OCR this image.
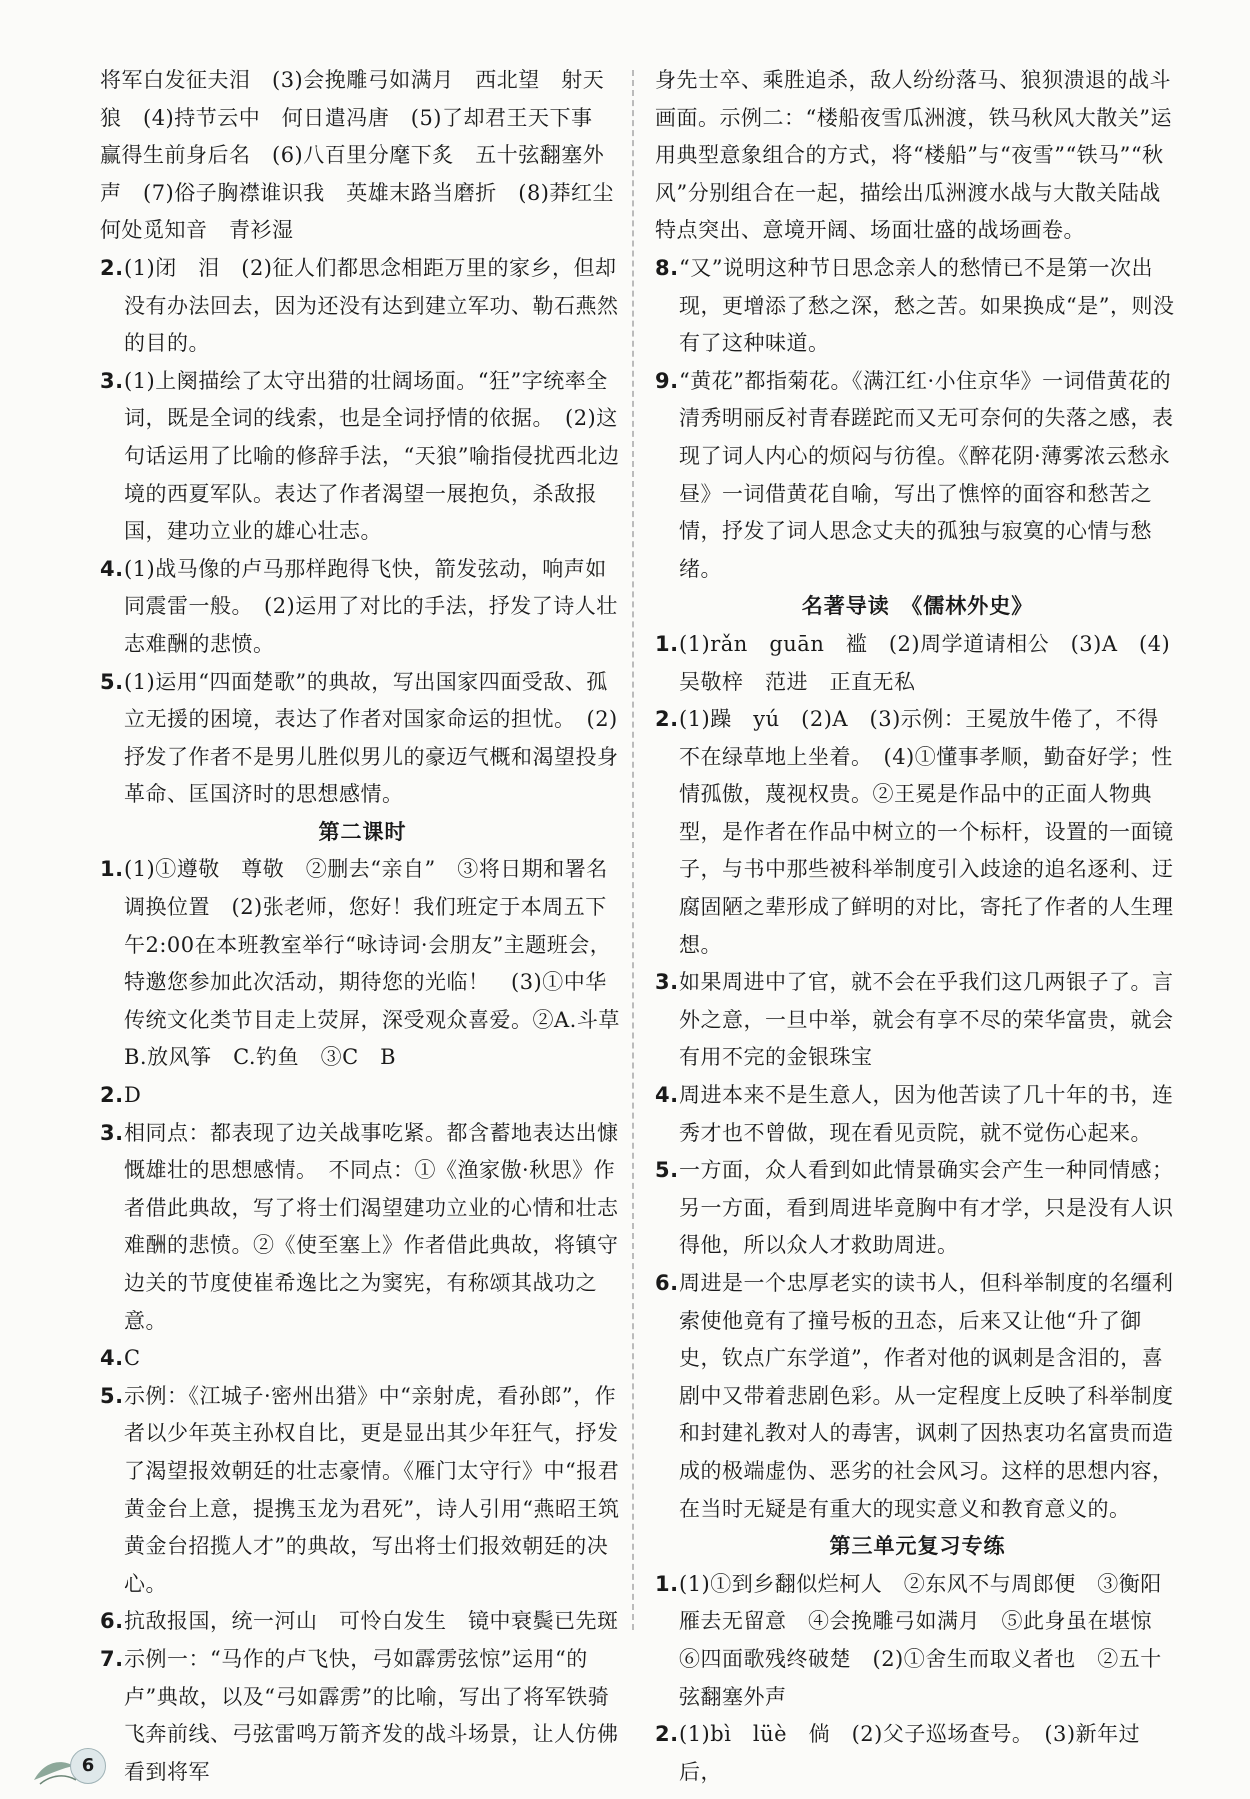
将军白发征夫泪　(3)会挽雕弓如满月　西北望　射天狼　(4)持节云中　何日遣冯唐　(5)了却君王天下事　赢得生前身后名　(6)八百里分麾下炙　五十弦翻塞外声　(7)俗子胸襟谁识我　英雄末路当磨折　(8)莽红尘何处觅知音　青衫湿

2. (1)闭　泪　(2)征人们都思念相距万里的家乡，但却没有办法回去，因为还没有达到建立军功、勒石燕然的目的。
3. (1)上阕描绘了太守出猎的壮阔场面。“狂”字统率全词，既是全词的线索，也是全词抒情的依据。　(2)这句话运用了比喻的修辞手法，“天狼”喻指侵扰西北边境的西夏军队。表达了作者渴望一展抱负，杀敌报国，建功立业的雄心壮志。
4. (1)战马像的卢马那样跑得飞快，箭发弦动，响声如同震雷一般。　(2)运用了对比的手法，抒发了诗人壮志难酬的悲愤。
5. (1)运用“四面楚歌”的典故，写出国家四面受敌、孤立无援的困境，表达了作者对国家命运的担忧。　(2)抒发了作者不是男儿胜似男儿的豪迈气概和渴望投身革命、匡国济时的思想感情。
第二课时
1. (1)①遵敬　尊敬　②删去“亲自”　③将日期和署名调换位置　(2)张老师，您好！我们班定于本周五下午2:00在本班教室举行“咏诗词·会朋友”主题班会，特邀您参加此次活动，期待您的光临！　(3)①中华传统文化类节目走上荧屏，深受观众喜爱。②A.斗草　B.放风筝　C.钓鱼　③C　B
2. D
3. 相同点：都表现了边关战事吃紧。都含蓄地表达出慷慨雄壮的思想感情。　不同点：①《渔家傲·秋思》作者借此典故，写了将士们渴望建功立业的心情和壮志难酬的悲愤。②《使至塞上》作者借此典故，将镇守边关的节度使崔希逸比之为窦宪，有称颂其战功之意。
4. C
5. 示例：《江城子·密州出猎》中“亲射虎，看孙郎”，作者以少年英主孙权自比，更是显出其少年狂气，抒发了渴望报效朝廷的壮志豪情。《雁门太守行》中“报君黄金台上意，提携玉龙为君死”，诗人引用“燕昭王筑黄金台招揽人才”的典故，写出将士们报效朝廷的决心。
6. 抗敌报国，统一河山　可怜白发生　镜中衰鬓已先斑
7. 示例一：“马作的卢飞快，弓如霹雳弦惊”运用“的卢”典故，以及“弓如霹雳”的比喻，写出了将军铁骑飞奔前线、弓弦雷鸣万箭齐发的战斗场景，让人仿佛看到将军

身先士卒、乘胜追杀，敌人纷纷落马、狼狈溃退的战斗画面。示例二：“楼船夜雪瓜洲渡，铁马秋风大散关”运用典型意象组合的方式，将“楼船”与“夜雪”“铁马”“秋风”分别组合在一起，描绘出瓜洲渡水战与大散关陆战特点突出、意境开阔、场面壮盛的战场画卷。

8. “又”说明这种节日思念亲人的愁情已不是第一次出现，更增添了愁之深，愁之苦。如果换成“是”，则没有了这种味道。
9. “黄花”都指菊花。《满江红·小住京华》一词借黄花的清秀明丽反衬青春蹉跎而又无可奈何的失落之感，表现了词人内心的烦闷与彷徨。《醉花阴·薄雾浓云愁永昼》一词借黄花自喻，写出了憔悴的面容和愁苦之情，抒发了词人思念丈夫的孤独与寂寞的心情与愁绪。
名著导读　《儒林外史》
1. (1)rǎn　guān　褴　(2)周学道请相公　(3)A　(4)吴敬梓　范进　正直无私
2. (1)躁　yú　(2)A　(3)示例：王冕放牛倦了，不得不在绿草地上坐着。　(4)①懂事孝顺，勤奋好学；性情孤傲，蔑视权贵。②王冕是作品中的正面人物典型，是作者在作品中树立的一个标杆，设置的一面镜子，与书中那些被科举制度引入歧途的追名逐利、迂腐固陋之辈形成了鲜明的对比，寄托了作者的人生理想。
3. 如果周进中了官，就不会在乎我们这几两银子了。言外之意，一旦中举，就会有享不尽的荣华富贵，就会有用不完的金银珠宝
4. 周进本来不是生意人，因为他苦读了几十年的书，连秀才也不曾做，现在看见贡院，就不觉伤心起来。
5. 一方面，众人看到如此情景确实会产生一种同情感；另一方面，看到周进毕竟胸中有才学，只是没有人识得他，所以众人才救助周进。
6. 周进是一个忠厚老实的读书人，但科举制度的名缰利索使他竟有了撞号板的丑态，后来又让他“升了御史，钦点广东学道”，作者对他的讽刺是含泪的，喜剧中又带着悲剧色彩。从一定程度上反映了科举制度和封建礼教对人的毒害，讽刺了因热衷功名富贵而造成的极端虚伪、恶劣的社会风习。这样的思想内容，在当时无疑是有重大的现实意义和教育意义的。
第三单元复习专练
1. (1)①到乡翻似烂柯人　②东风不与周郎便　③衡阳雁去无留意　④会挽雕弓如满月　⑤此身虽在堪惊　⑥四面歌残终破楚　(2)①舍生而取义者也　②五十弦翻塞外声
2. (1)bì　lüè　倘　(2)父子巡场查号。　(3)新年过后，
6
